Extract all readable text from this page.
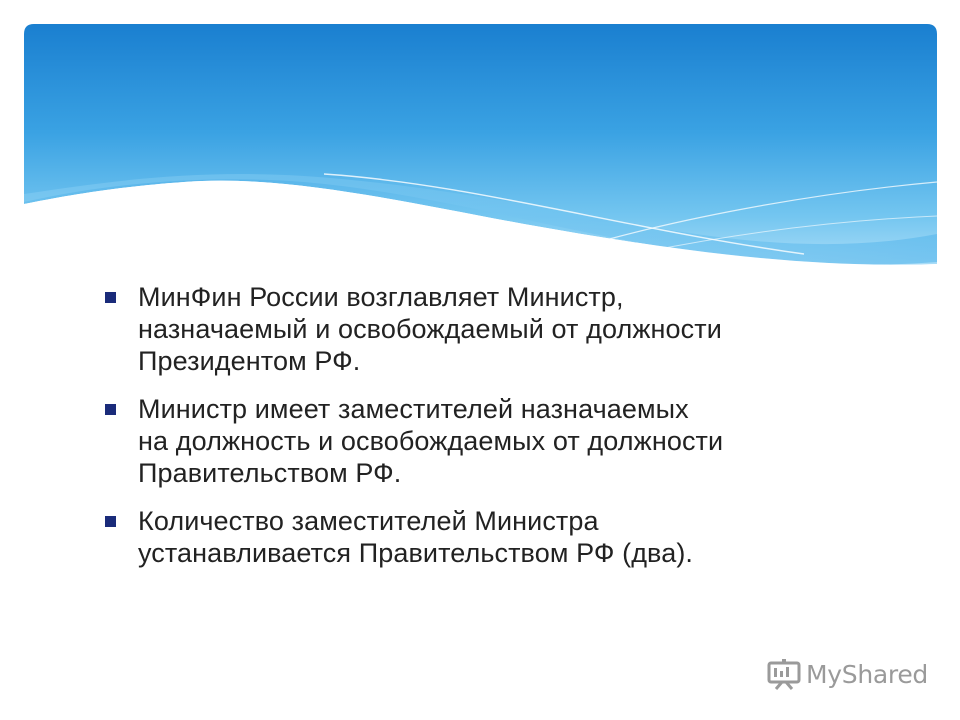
МинФин России возглавляет Министр,
назначаемый и освобождаемый от должности
Президентом РФ.
Министр имеет заместителей назначаемых
на должность и освобождаемых от должности
Правительством РФ.
Количество заместителей Министра
устанавливается Правительством РФ (два).
MyShared
